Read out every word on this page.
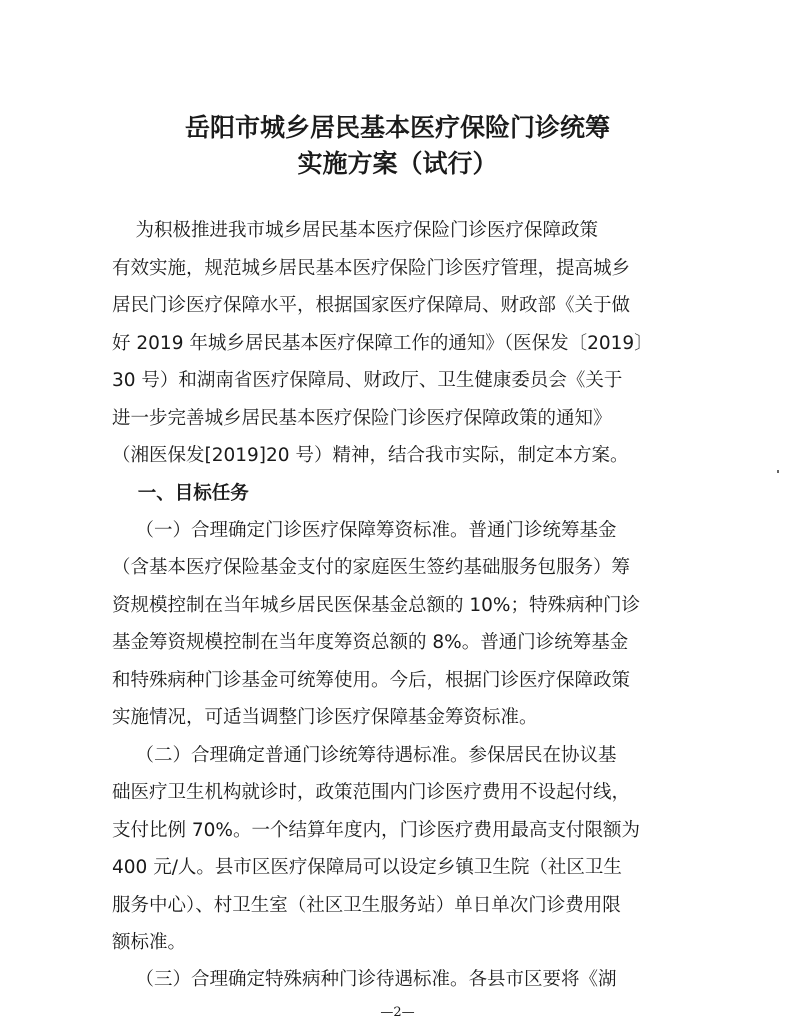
岳阳市城乡居民基本医疗保险门诊统筹
实施方案（试行）

为积极推进我市城乡居民基本医疗保险门诊医疗保障政策

有效实施，规范城乡居民基本医疗保险门诊医疗管理，提高城乡

居民门诊医疗保障水平，根据国家医疗保障局、财政部《关于做

好 2019 年城乡居民基本医疗保障工作的通知》（医保发〔2019〕

30 号）和湖南省医疗保障局、财政厅、卫生健康委员会《关于

进一步完善城乡居民基本医疗保险门诊医疗保障政策的通知》

（湘医保发[2019]20 号）精神，结合我市实际，制定本方案。

一、目标任务

（一）合理确定门诊医疗保障筹资标准。普通门诊统筹基金

（含基本医疗保险基金支付的家庭医生签约基础服务包服务）筹

资规模控制在当年城乡居民医保基金总额的 10%；特殊病种门诊

基金筹资规模控制在当年度筹资总额的 8%。普通门诊统筹基金

和特殊病种门诊基金可统筹使用。今后，根据门诊医疗保障政策

实施情况，可适当调整门诊医疗保障基金筹资标准。

（二）合理确定普通门诊统筹待遇标准。参保居民在协议基

础医疗卫生机构就诊时，政策范围内门诊医疗费用不设起付线，

支付比例 70%。一个结算年度内，门诊医疗费用最高支付限额为

400 元/人。县市区医疗保障局可以设定乡镇卫生院（社区卫生

服务中心）、村卫生室（社区卫生服务站）单日单次门诊费用限

额标准。

（三）合理确定特殊病种门诊待遇标准。各县市区要将《湖

—2—
